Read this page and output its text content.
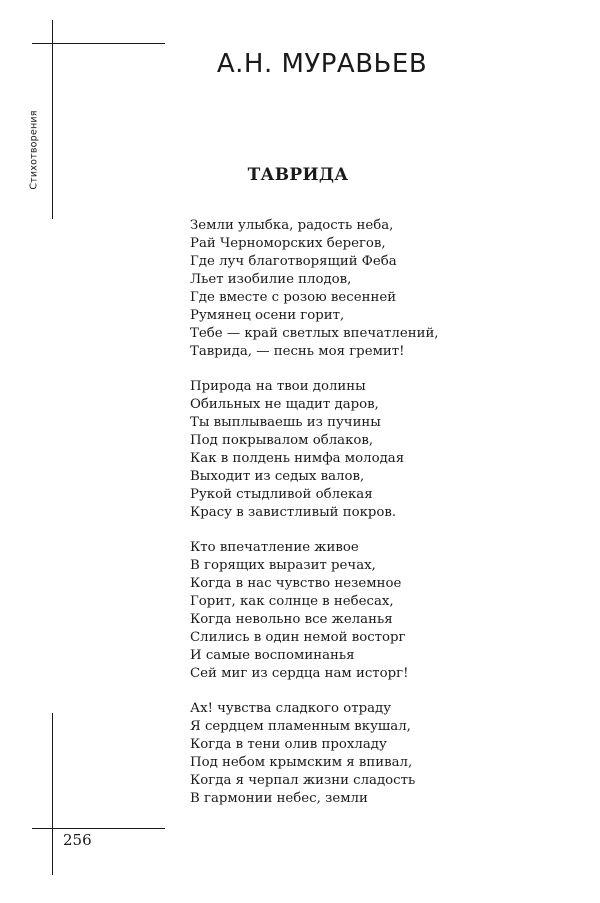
Стихотворения
А.Н. МУРАВЬЕВ
ТАВРИДА
Земли улыбка, радость неба,
Рай Черноморских берегов,
Где луч благотворящий Феба
Льет изобилие плодов,
Где вместе с розою весенней
Румянец осени горит,
Тебе — край светлых впечатлений,
Таврида, — песнь моя гремит!
Природа на твои долины
Обильных не щадит даров,
Ты выплываешь из пучины
Под покрывалом облаков,
Как в полдень нимфа молодая
Выходит из седых валов,
Рукой стыдливой облекая
Красу в завистливый покров.
Кто впечатление живое
В горящих выразит речах,
Когда в нас чувство неземное
Горит, как солнце в небесах,
Когда невольно все желанья
Слились в один немой восторг
И самые воспоминанья
Сей миг из сердца нам исторг!
Ах! чувства сладкого отраду
Я сердцем пламенным вкушал,
Когда в тени олив прохладу
Под небом крымским я впивал,
Когда я черпал жизни сладость
В гармонии небес, земли
256
